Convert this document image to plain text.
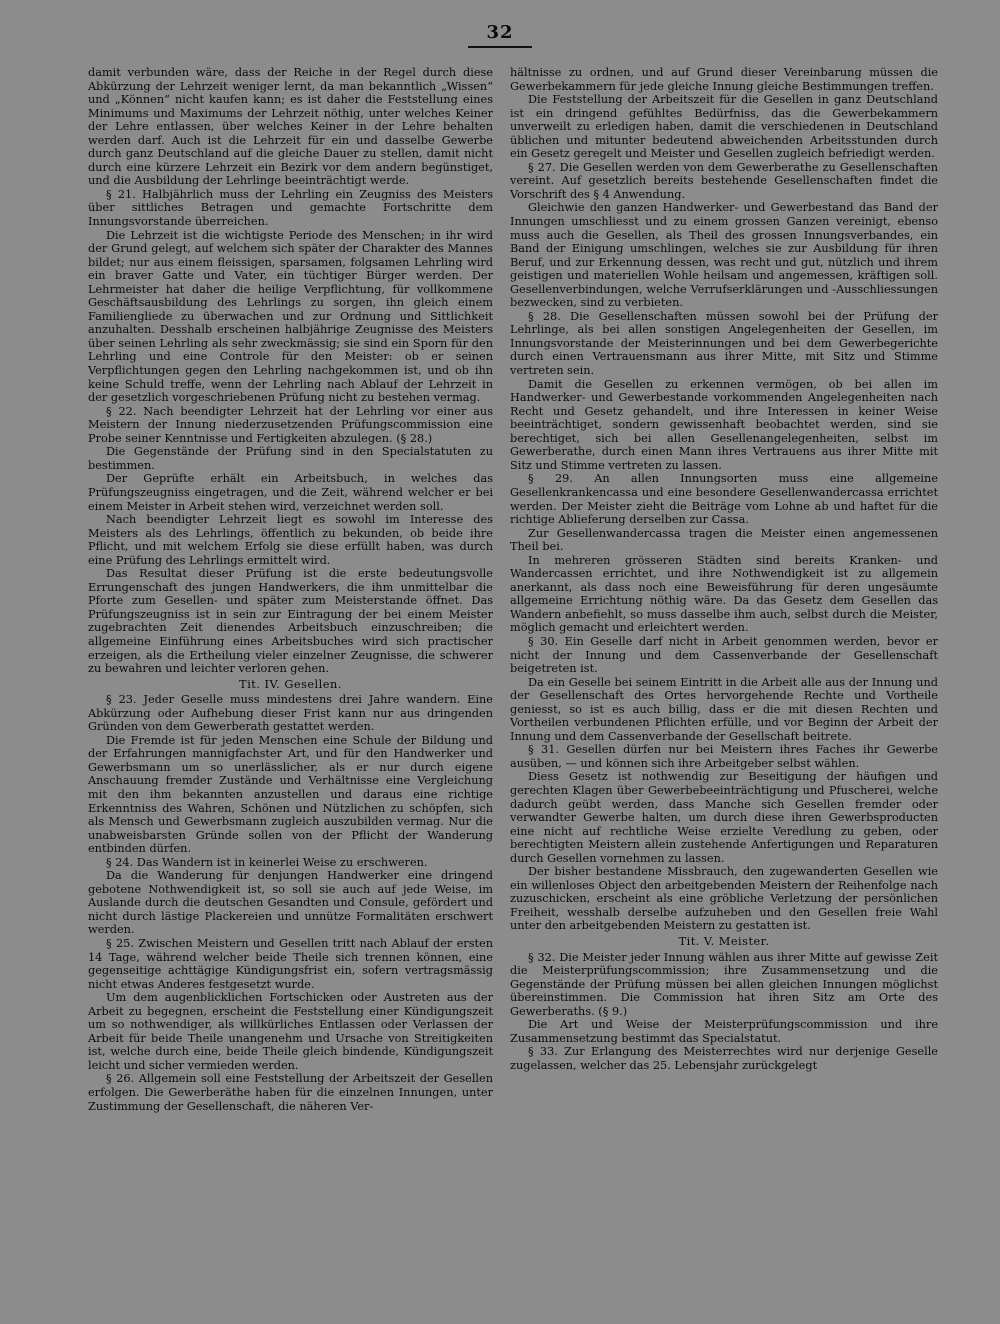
32

damit verbunden wäre, dass der Reiche in der Regel durch diese Abkürzung der Lehrzeit weniger lernt, da man bekanntlich „Wissen“ und „Können“ nicht kaufen kann; es ist daher die Feststellung eines Minimums und Maximums der Lehrzeit nöthig, unter welches Keiner der Lehre entlassen, über welches Keiner in der Lehre behalten werden darf. Auch ist die Lehrzeit für ein und dasselbe Gewerbe durch ganz Deutschland auf die gleiche Dauer zu stellen, damit nicht durch eine kürzere Lehrzeit ein Bezirk vor dem andern begünstiget, und die Ausbildung der Lehrlinge beeinträchtigt werde.

§ 21. Halbjährlich muss der Lehrling ein Zeugniss des Meisters über sittliches Betragen und gemachte Fortschritte dem Innungsvorstande überreichen.

Die Lehrzeit ist die wichtigste Periode des Menschen; in ihr wird der Grund gelegt, auf welchem sich später der Charakter des Mannes bildet; nur aus einem fleissigen, sparsamen, folgsamen Lehrling wird ein braver Gatte und Vater, ein tüchtiger Bürger werden. Der Lehrmeister hat daher die heilige Verpflichtung, für vollkommene Geschäftsausbildung des Lehrlings zu sorgen, ihn gleich einem Familiengliede zu überwachen und zur Ordnung und Sittlichkeit anzuhalten. Desshalb erscheinen halbjährige Zeugnisse des Meisters über seinen Lehrling als sehr zweckmässig; sie sind ein Sporn für den Lehrling und eine Controle für den Meister: ob er seinen Verpflichtungen gegen den Lehrling nachgekommen ist, und ob ihn keine Schuld treffe, wenn der Lehrling nach Ablauf der Lehrzeit in der gesetzlich vorgeschriebenen Prüfung nicht zu bestehen vermag.

§ 22. Nach beendigter Lehrzeit hat der Lehrling vor einer aus Meistern der Innung niederzusetzenden Prüfungscommission eine Probe seiner Kenntnisse und Fertigkeiten abzulegen. (§ 28.)

Die Gegenstände der Prüfung sind in den Specialstatuten zu bestimmen.

Der Geprüfte erhält ein Arbeitsbuch, in welches das Prüfungszeugniss eingetragen, und die Zeit, während welcher er bei einem Meister in Arbeit stehen wird, verzeichnet werden soll.

Nach beendigter Lehrzeit liegt es sowohl im Interesse des Meisters als des Lehrlings, öffentlich zu bekunden, ob beide ihre Pflicht, und mit welchem Erfolg sie diese erfüllt haben, was durch eine Prüfung des Lehrlings ermittelt wird.

Das Resultat dieser Prüfung ist die erste bedeutungsvolle Errungenschaft des jungen Handwerkers, die ihm unmittelbar die Pforte zum Gesellen- und später zum Meisterstande öffnet. Das Prüfungszeugniss ist in sein zur Eintragung der bei einem Meister zugebrachten Zeit dienendes Arbeitsbuch einzuschreiben; die allgemeine Einführung eines Arbeitsbuches wird sich practischer erzeigen, als die Ertheilung vieler einzelner Zeugnisse, die schwerer zu bewahren und leichter verloren gehen.

Tit. IV. Gesellen.

§ 23. Jeder Geselle muss mindestens drei Jahre wandern. Eine Abkürzung oder Aufhebung dieser Frist kann nur aus dringenden Gründen von dem Gewerberath gestattet werden.

Die Fremde ist für jeden Menschen eine Schule der Bildung und der Erfahrungen mannigfachster Art, und für den Handwerker und Gewerbsmann um so unerlässlicher, als er nur durch eigene Anschauung fremder Zustände und Verhältnisse eine Vergleichung mit den ihm bekannten anzustellen und daraus eine richtige Erkenntniss des Wahren, Schönen und Nützlichen zu schöpfen, sich als Mensch und Gewerbsmann zugleich auszubilden vermag. Nur die unabweisbarsten Gründe sollen von der Pflicht der Wanderung entbinden dürfen.

§ 24. Das Wandern ist in keinerlei Weise zu erschweren.

Da die Wanderung für denjungen Handwerker eine dringend gebotene Nothwendigkeit ist, so soll sie auch auf jede Weise, im Auslande durch die deutschen Gesandten und Consule, gefördert und nicht durch lästige Plackereien und unnütze Formalitäten erschwert werden.

§ 25. Zwischen Meistern und Gesellen tritt nach Ablauf der ersten 14 Tage, während welcher beide Theile sich trennen können, eine gegenseitige achttägige Kündigungsfrist ein, sofern vertragsmässig nicht etwas Anderes festgesetzt wurde.

Um dem augenblicklichen Fortschicken oder Austreten aus der Arbeit zu begegnen, erscheint die Feststellung einer Kündigungszeit um so nothwendiger, als willkürliches Entlassen oder Verlassen der Arbeit für beide Theile unangenehm und Ursache von Streitigkeiten ist, welche durch eine, beide Theile gleich bindende, Kündigungszeit leicht und sicher vermieden werden.

§ 26. Allgemein soll eine Feststellung der Arbeitszeit der Gesellen erfolgen. Die Gewerberäthe haben für die einzelnen Innungen, unter Zustimmung der Gesellenschaft, die näheren Ver-

hältnisse zu ordnen, und auf Grund dieser Vereinbarung müssen die Gewerbekammern für jede gleiche Innung gleiche Bestimmungen treffen.

Die Feststellung der Arbeitszeit für die Gesellen in ganz Deutschland ist ein dringend gefühltes Bedürfniss, das die Gewerbekammern unverweilt zu erledigen haben, damit die verschiedenen in Deutschland üblichen und mitunter bedeutend abweichenden Arbeitsstunden durch ein Gesetz geregelt und Meister und Gesellen zugleich befriedigt werden.

§ 27. Die Gesellen werden von dem Gewerberathe zu Gesellenschaften vereint. Auf gesetzlich bereits bestehende Gesellenschaften findet die Vorschrift des § 4 Anwendung.

Gleichwie den ganzen Handwerker- und Gewerbestand das Band der Innungen umschliesst und zu einem grossen Ganzen vereinigt, ebenso muss auch die Gesellen, als Theil des grossen Innungsverbandes, ein Band der Einigung umschlingen, welches sie zur Ausbildung für ihren Beruf, und zur Erkennung dessen, was recht und gut, nützlich und ihrem geistigen und materiellen Wohle heilsam und angemessen, kräftigen soll. Gesellenverbindungen, welche Verrufserklärungen und -Ausschliessungen bezwecken, sind zu verbieten.

§ 28. Die Gesellenschaften müssen sowohl bei der Prüfung der Lehrlinge, als bei allen sonstigen Angelegenheiten der Gesellen, im Innungsvorstande der Meisterinnungen und bei dem Gewerbegerichte durch einen Vertrauensmann aus ihrer Mitte, mit Sitz und Stimme vertreten sein.

Damit die Gesellen zu erkennen vermögen, ob bei allen im Handwerker- und Gewerbestande vorkommenden Angelegenheiten nach Recht und Gesetz gehandelt, und ihre Interessen in keiner Weise beeinträchtiget, sondern gewissenhaft beobachtet werden, sind sie berechtiget, sich bei allen Gesellenangelegenheiten, selbst im Gewerberathe, durch einen Mann ihres Vertrauens aus ihrer Mitte mit Sitz und Stimme vertreten zu lassen.

§ 29. An allen Innungsorten muss eine allgemeine Gesellenkrankencassa und eine besondere Gesellenwandercassa errichtet werden. Der Meister zieht die Beiträge vom Lohne ab und haftet für die richtige Ablieferung derselben zur Cassa.

Zur Gesellenwandercassa tragen die Meister einen angemessenen Theil bei.

In mehreren grösseren Städten sind bereits Kranken- und Wandercassen errichtet, und ihre Nothwendigkeit ist zu allgemein anerkannt, als dass noch eine Beweisführung für deren ungesäumte allgemeine Errichtung nöthig wäre. Da das Gesetz dem Gesellen das Wandern anbefiehlt, so muss dasselbe ihm auch, selbst durch die Meister, möglich gemacht und erleichtert werden.

§ 30. Ein Geselle darf nicht in Arbeit genommen werden, bevor er nicht der Innung und dem Cassenverbande der Gesellenschaft beigetreten ist.

Da ein Geselle bei seinem Eintritt in die Arbeit alle aus der Innung und der Gesellenschaft des Ortes hervorgehende Rechte und Vortheile geniesst, so ist es auch billig, dass er die mit diesen Rechten und Vortheilen verbundenen Pflichten erfülle, und vor Beginn der Arbeit der Innung und dem Cassenverbande der Gesellschaft beitrete.

§ 31. Gesellen dürfen nur bei Meistern ihres Faches ihr Gewerbe ausüben, — und können sich ihre Arbeitgeber selbst wählen.

Diess Gesetz ist nothwendig zur Beseitigung der häufigen und gerechten Klagen über Gewerbebeeinträchtigung und Pfuscherei, welche dadurch geübt werden, dass Manche sich Gesellen fremder oder verwandter Gewerbe halten, um durch diese ihren Gewerbsproducten eine nicht auf rechtliche Weise erzielte Veredlung zu geben, oder berechtigten Meistern allein zustehende Anfertigungen und Reparaturen durch Gesellen vornehmen zu lassen.

Der bisher bestandene Missbrauch, den zugewanderten Gesellen wie ein willenloses Object den arbeitgebenden Meistern der Reihenfolge nach zuzuschicken, erscheint als eine gröbliche Verletzung der persönlichen Freiheit, wesshalb derselbe aufzuheben und den Gesellen freie Wahl unter den arbeitgebenden Meistern zu gestatten ist.

Tit. V. Meister.

§ 32. Die Meister jeder Innung wählen aus ihrer Mitte auf gewisse Zeit die Meisterprüfungscommission; ihre Zusammensetzung und die Gegenstände der Prüfung müssen bei allen gleichen Innungen möglichst übereinstimmen. Die Commission hat ihren Sitz am Orte des Gewerberaths. (§ 9.)

Die Art und Weise der Meisterprüfungscommission und ihre Zusammensetzung bestimmt das Specialstatut.

§ 33. Zur Erlangung des Meisterrechtes wird nur derjenige Geselle zugelassen, welcher das 25. Lebensjahr zurückgelegt
